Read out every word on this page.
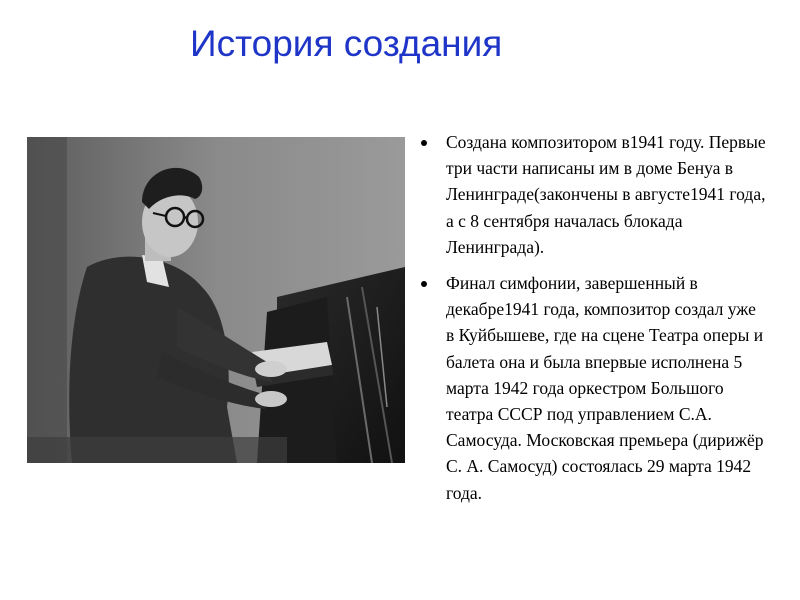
История создания
Создана композитором в1941 году. Первые три части написаны им в доме Бенуа в Ленинграде(закончены в августе1941 года, а с 8 сентября началась блокада Ленинграда).
Финал симфонии, завершенный в декабре1941 года, композитор создал уже в Куйбышеве, где на сцене Театра оперы и балета она и была впервые исполнена 5 марта 1942 года оркестром Большого театра СССР под управлением С.А. Самосуда. Московская премьера (дирижёр С. А. Самосуд) состоялась 29 марта 1942 года.
